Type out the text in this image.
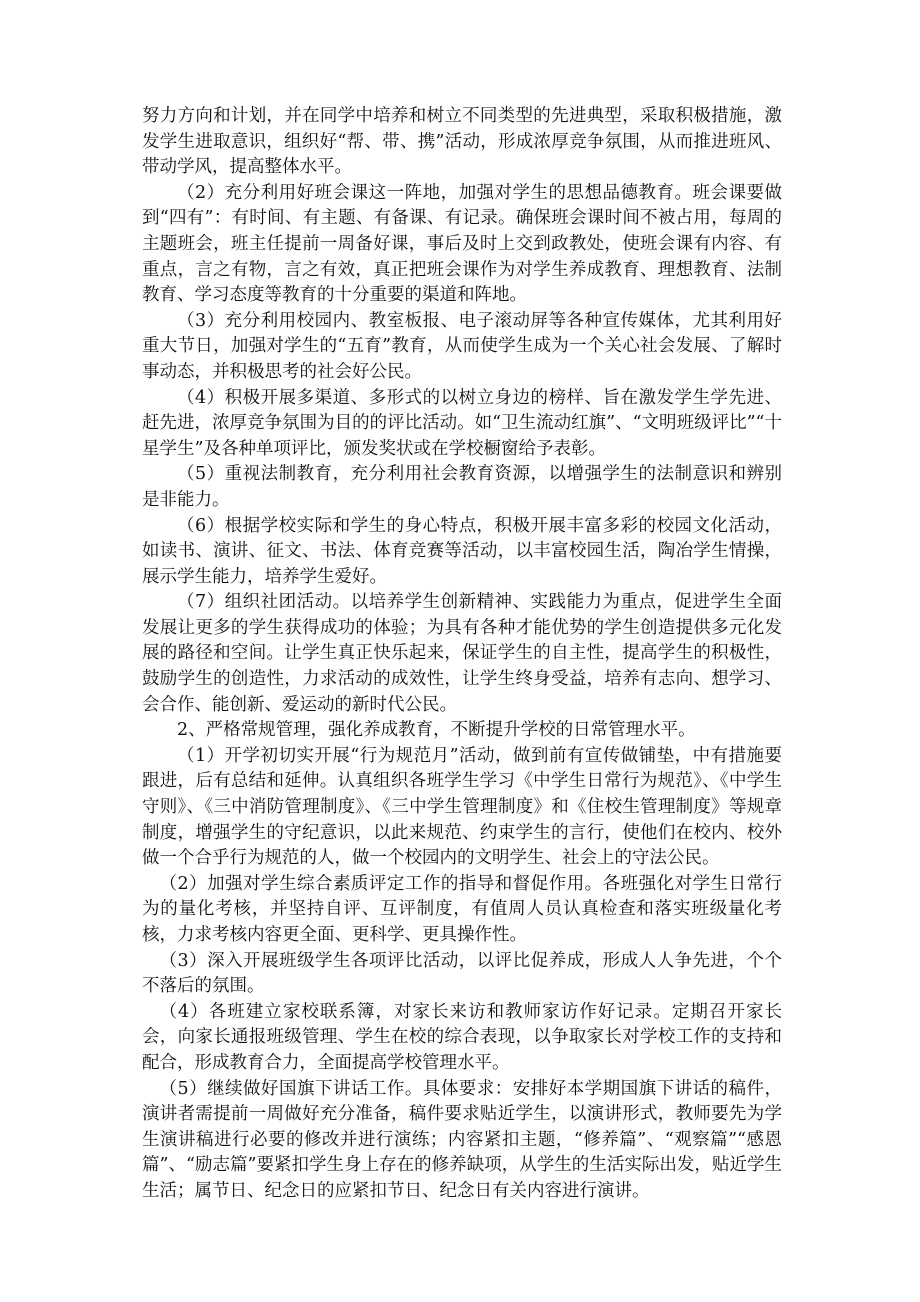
努力方向和计划，并在同学中培养和树立不同类型的先进典型，采取积极措施，激发学生进取意识，组织好“帮、带、携”活动，形成浓厚竞争氛围，从而推进班风、带动学风，提高整体水平。

（2）充分利用好班会课这一阵地，加强对学生的思想品德教育。班会课要做到“四有”：有时间、有主题、有备课、有记录。确保班会课时间不被占用，每周的主题班会，班主任提前一周备好课，事后及时上交到政教处，使班会课有内容、有重点，言之有物，言之有效，真正把班会课作为对学生养成教育、理想教育、法制教育、学习态度等教育的十分重要的渠道和阵地。

（3）充分利用校园内、教室板报、电子滚动屏等各种宣传媒体，尤其利用好重大节日，加强对学生的“五育”教育，从而使学生成为一个关心社会发展、了解时事动态，并积极思考的社会好公民。

（4）积极开展多渠道、多形式的以树立身边的榜样、旨在激发学生学先进、赶先进，浓厚竞争氛围为目的的评比活动。如“卫生流动红旗”、“文明班级评比”“十星学生”及各种单项评比，颁发奖状或在学校橱窗给予表彰。

（5）重视法制教育，充分利用社会教育资源，以增强学生的法制意识和辨别是非能力。

（6）根据学校实际和学生的身心特点，积极开展丰富多彩的校园文化活动，如读书、演讲、征文、书法、体育竞赛等活动，以丰富校园生活，陶冶学生情操，展示学生能力，培养学生爱好。

（7）组织社团活动。以培养学生创新精神、实践能力为重点，促进学生全面发展让更多的学生获得成功的体验；为具有各种才能优势的学生创造提供多元化发展的路径和空间。让学生真正快乐起来，保证学生的自主性，提高学生的积极性，鼓励学生的创造性，力求活动的成效性，让学生终身受益，培养有志向、想学习、会合作、能创新、爱运动的新时代公民。

2、严格常规管理，强化养成教育，不断提升学校的日常管理水平。

（1）开学初切实开展“行为规范月”活动，做到前有宣传做铺垫，中有措施要跟进，后有总结和延伸。认真组织各班学生学习《中学生日常行为规范》、《中学生守则》、《三中消防管理制度》、《三中学生管理制度》和《住校生管理制度》等规章制度，增强学生的守纪意识，以此来规范、约束学生的言行，使他们在校内、校外做一个合乎行为规范的人，做一个校园内的文明学生、社会上的守法公民。

（2）加强对学生综合素质评定工作的指导和督促作用。各班强化对学生日常行为的量化考核，并坚持自评、互评制度，有值周人员认真检查和落实班级量化考核，力求考核内容更全面、更科学、更具操作性。

（3）深入开展班级学生各项评比活动，以评比促养成，形成人人争先进，个个不落后的氛围。

（4）各班建立家校联系簿，对家长来访和教师家访作好记录。定期召开家长会，向家长通报班级管理、学生在校的综合表现，以争取家长对学校工作的支持和配合，形成教育合力，全面提高学校管理水平。

（5）继续做好国旗下讲话工作。具体要求：安排好本学期国旗下讲话的稿件，演讲者需提前一周做好充分准备，稿件要求贴近学生，以演讲形式，教师要先为学生演讲稿进行必要的修改并进行演练；内容紧扣主题，“修养篇”、“观察篇”“感恩篇”、“励志篇”要紧扣学生身上存在的修养缺项，从学生的生活实际出发，贴近学生生活；属节日、纪念日的应紧扣节日、纪念日有关内容进行演讲。
